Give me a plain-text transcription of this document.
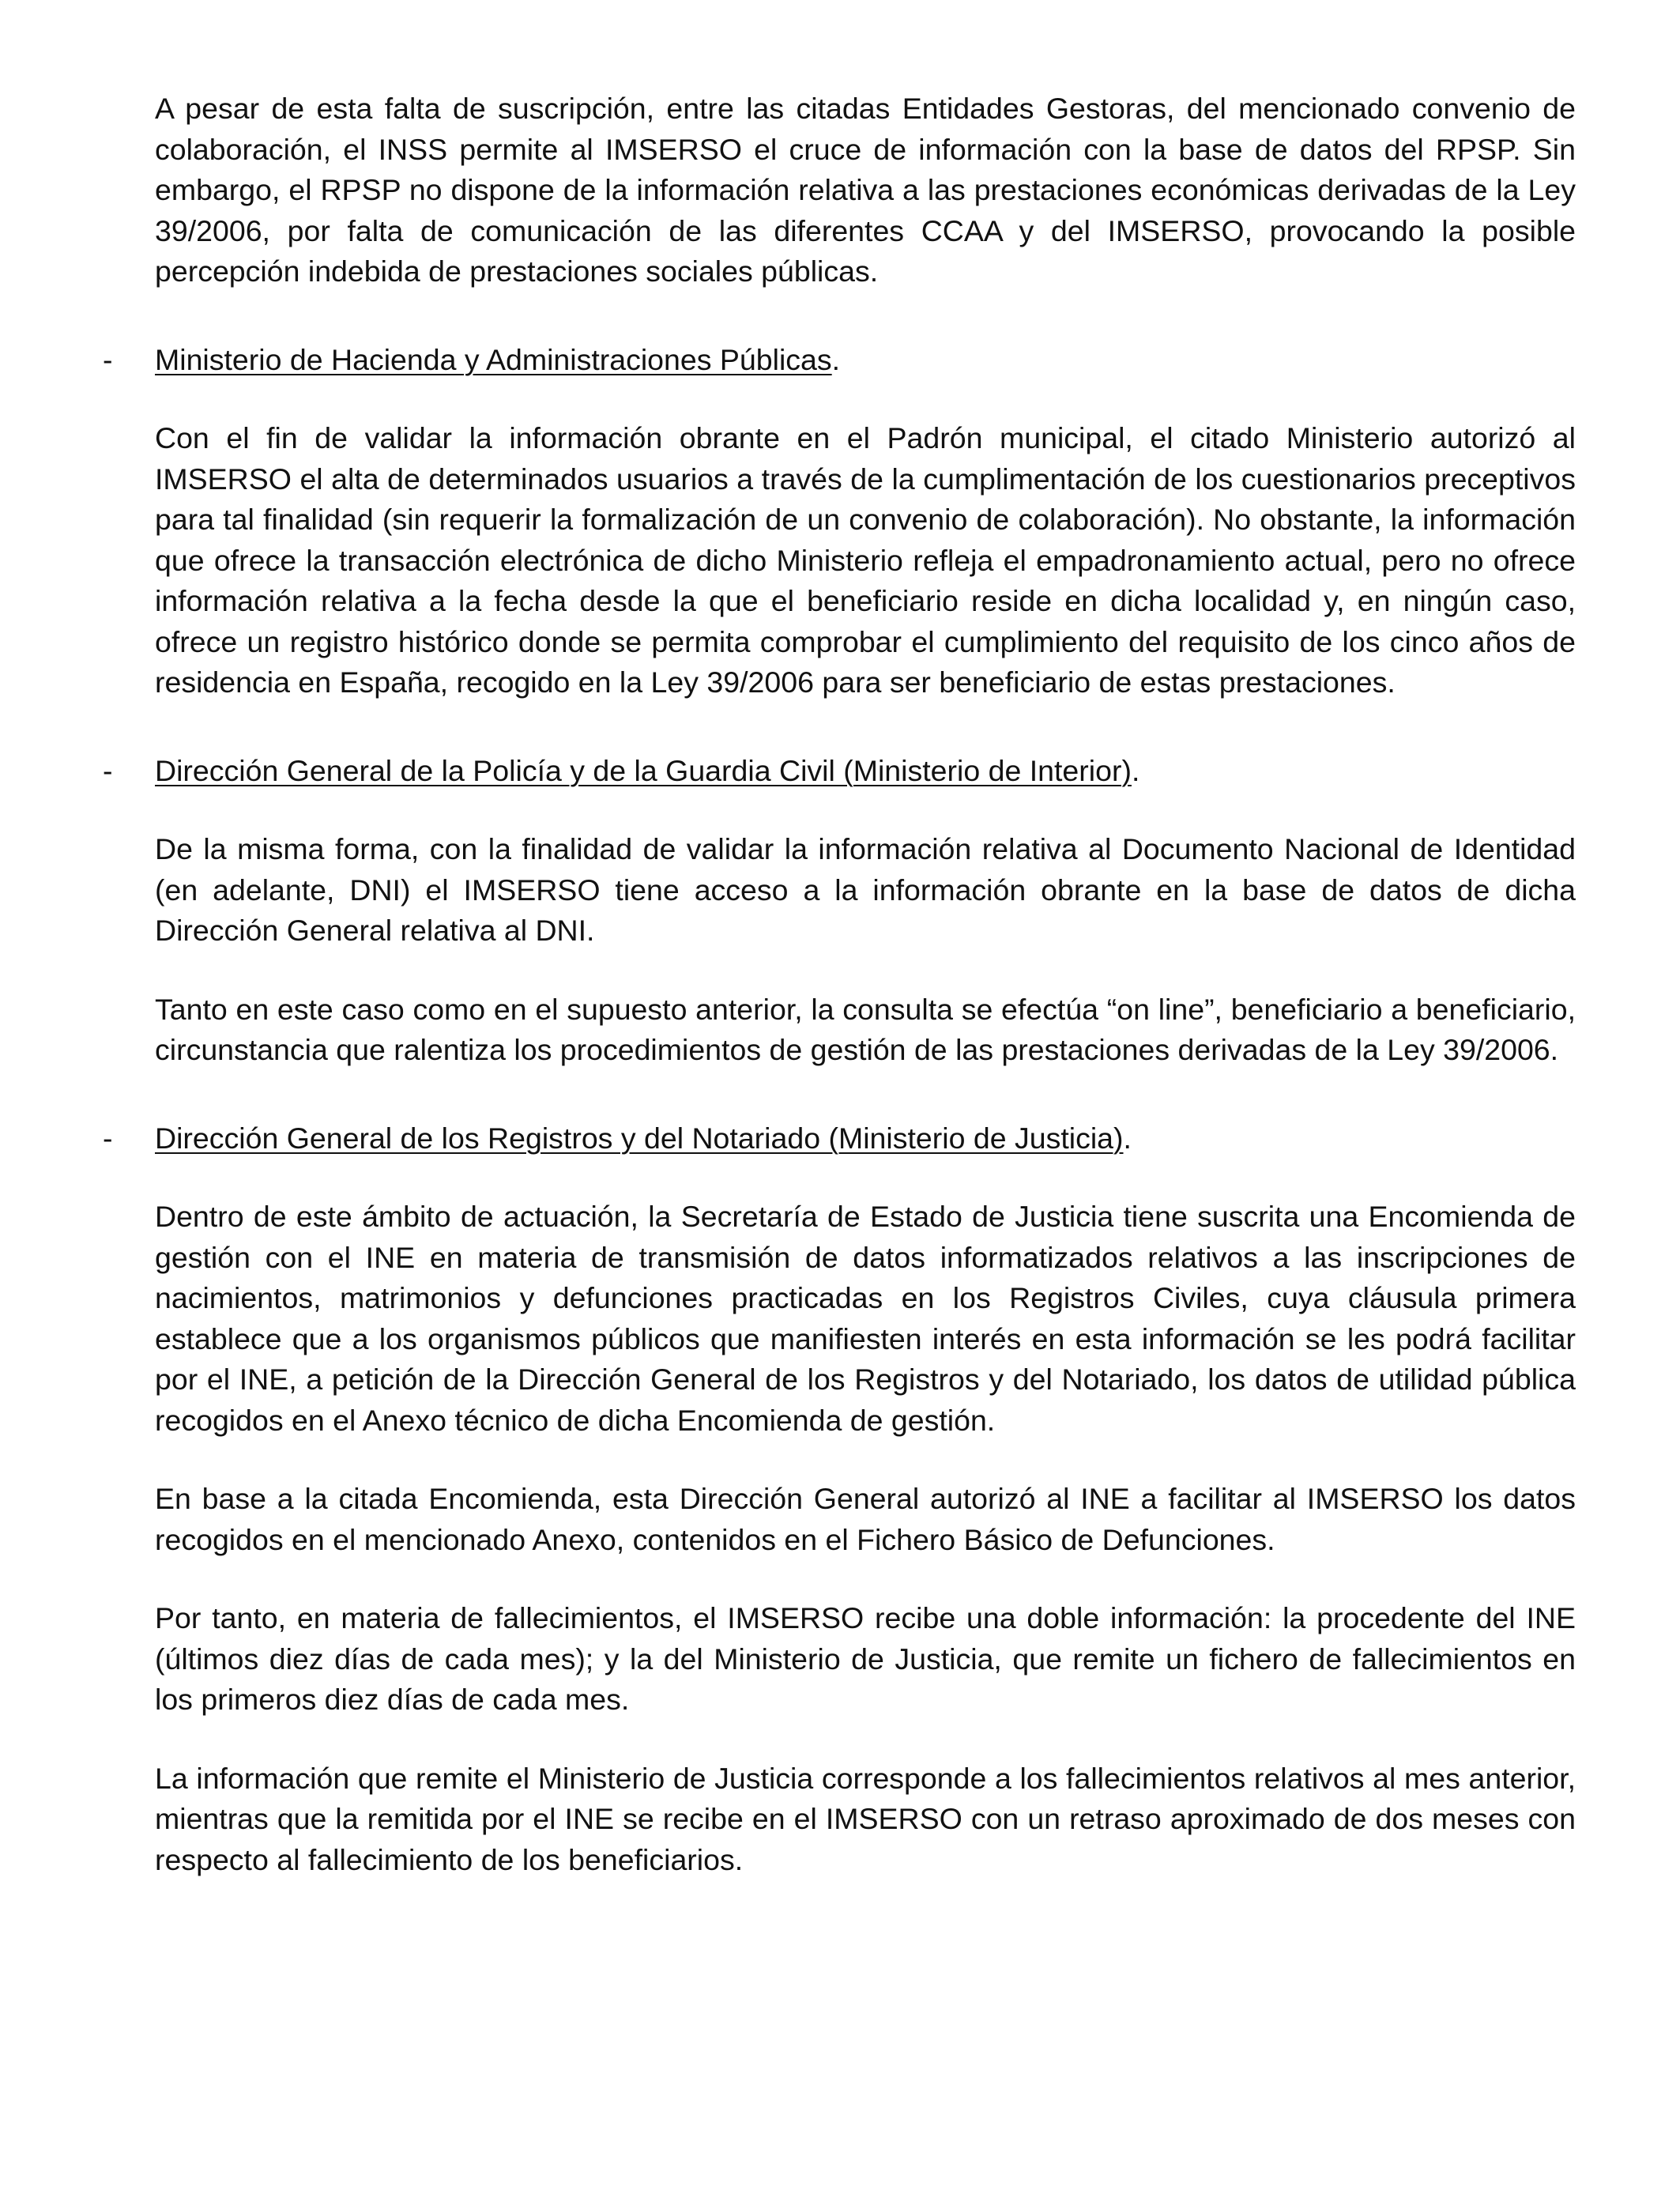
A pesar de esta falta de suscripción, entre las citadas Entidades Gestoras, del mencionado convenio de colaboración, el INSS permite al IMSERSO el cruce de información con la base de datos del RPSP. Sin embargo, el RPSP no dispone de la información relativa a las prestaciones económicas derivadas de la Ley 39/2006, por falta de comunicación de las diferentes CCAA y del IMSERSO, provocando la posible percepción indebida de prestaciones sociales públicas.

- Ministerio de Hacienda y Administraciones Públicas.

Con el fin de validar la información obrante en el Padrón municipal, el citado Ministerio autorizó al IMSERSO el alta de determinados usuarios a través de la cumplimentación de los cuestionarios preceptivos para tal finalidad (sin requerir la formalización de un convenio de colaboración). No obstante, la información que ofrece la transacción electrónica de dicho Ministerio refleja el empadronamiento actual, pero no ofrece información relativa a la fecha desde la que el beneficiario reside en dicha localidad y, en ningún caso, ofrece un registro histórico donde se permita comprobar el cumplimiento del requisito de los cinco años de residencia en España, recogido en la Ley 39/2006 para ser beneficiario de estas prestaciones.

- Dirección General de la Policía y de la Guardia Civil (Ministerio de Interior).

De la misma forma, con la finalidad de validar la información relativa al Documento Nacional de Identidad (en adelante, DNI) el IMSERSO tiene acceso a la información obrante en la base de datos de dicha Dirección General relativa al DNI.

Tanto en este caso como en el supuesto anterior, la consulta se efectúa “on line”, beneficiario a beneficiario, circunstancia que ralentiza los procedimientos de gestión de las prestaciones derivadas de la Ley 39/2006.

- Dirección General de los Registros y del Notariado (Ministerio de Justicia).

Dentro de este ámbito de actuación, la Secretaría de Estado de Justicia tiene suscrita una Encomienda de gestión con el INE en materia de transmisión de datos informatizados relativos a las inscripciones de nacimientos, matrimonios y defunciones practicadas en los Registros Civiles, cuya cláusula primera establece que a los organismos públicos que manifiesten interés en esta información se les podrá facilitar por el INE, a petición de la Dirección General de los Registros y del Notariado, los datos de utilidad pública recogidos en el Anexo técnico de dicha Encomienda de gestión.

En base a la citada Encomienda, esta Dirección General autorizó al INE a facilitar al IMSERSO los datos recogidos en el mencionado Anexo, contenidos en el Fichero Básico de Defunciones.

Por tanto, en materia de fallecimientos, el IMSERSO recibe una doble información: la procedente del INE (últimos diez días de cada mes); y la del Ministerio de Justicia, que remite un fichero de fallecimientos en los primeros diez días de cada mes.

La información que remite el Ministerio de Justicia corresponde a los fallecimientos relativos al mes anterior, mientras que la remitida por el INE se recibe en el IMSERSO con un retraso aproximado de dos meses con respecto al fallecimiento de los beneficiarios.
